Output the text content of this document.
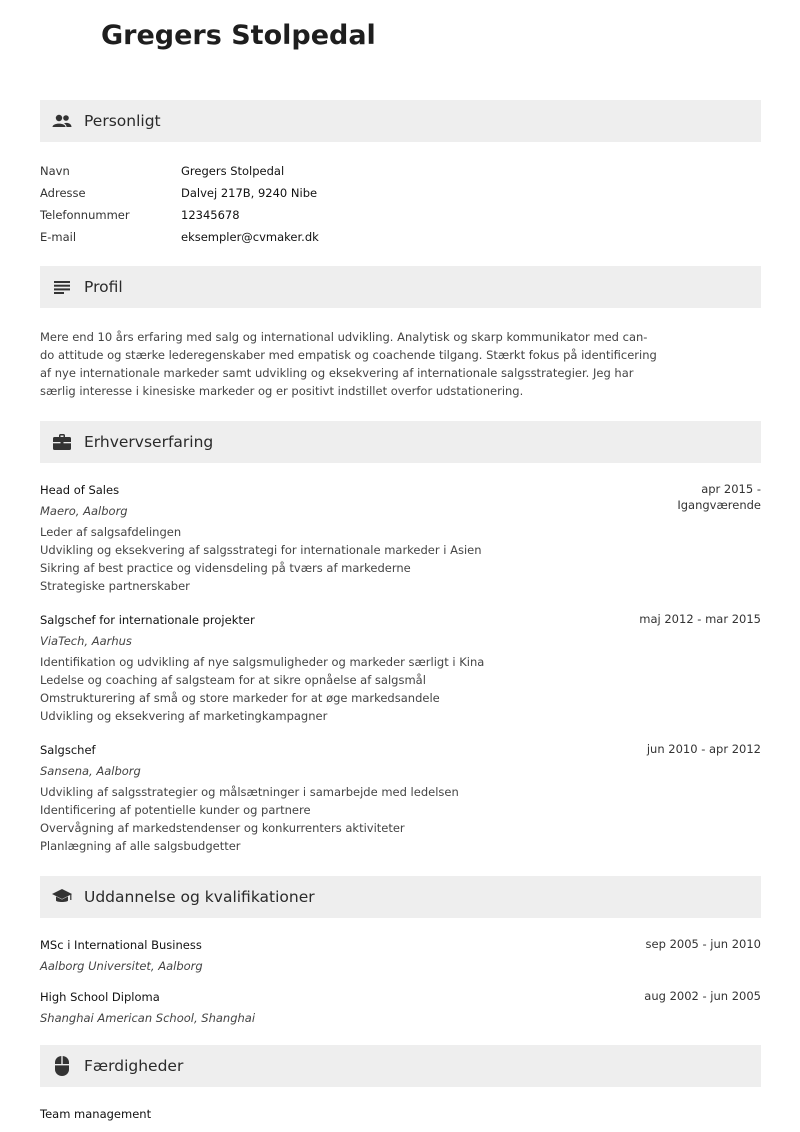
Gregers Stolpedal
Personligt
Navn	Gregers Stolpedal
Adresse	Dalvej 217B, 9240 Nibe
Telefonnummer	12345678
E-mail	eksempler@cvmaker.dk
Profil
Mere end 10 års erfaring med salg og international udvikling. Analytisk og skarp kommunikator med can-do attitude og stærke lederegenskaber med empatisk og coachende tilgang. Stærkt fokus på identificering af nye internationale markeder samt udvikling og eksekvering af internationale salgsstrategier. Jeg har særlig interesse i kinesiske markeder og er positivt indstillet overfor udstationering.
Erhvervserfaring
Head of Sales
Maero, Aalborg
apr 2015 -
Igangværende
Leder af salgsafdelingen
Udvikling og eksekvering af salgsstrategi for internationale markeder i Asien
Sikring af best practice og vidensdeling på tværs af markederne
Strategiske partnerskaber
Salgschef for internationale projekter
ViaTech, Aarhus
maj 2012 - mar 2015
Identifikation og udvikling af nye salgsmuligheder og markeder særligt i Kina
Ledelse og coaching af salgsteam for at sikre opnåelse af salgsmål
Omstrukturering af små og store markeder for at øge markedsandele
Udvikling og eksekvering af marketingkampagner
Salgschef
Sansena, Aalborg
jun 2010 - apr 2012
Udvikling af salgsstrategier og målsætninger i samarbejde med ledelsen
Identificering af potentielle kunder og partnere
Overvågning af markedstendenser og konkurrenters aktiviteter
Planlægning af alle salgsbudgetter
Uddannelse og kvalifikationer
MSc i International Business
Aalborg Universitet, Aalborg
sep 2005 - jun 2010
High School Diploma
Shanghai American School, Shanghai
aug 2002 - jun 2005
Færdigheder
Team management
